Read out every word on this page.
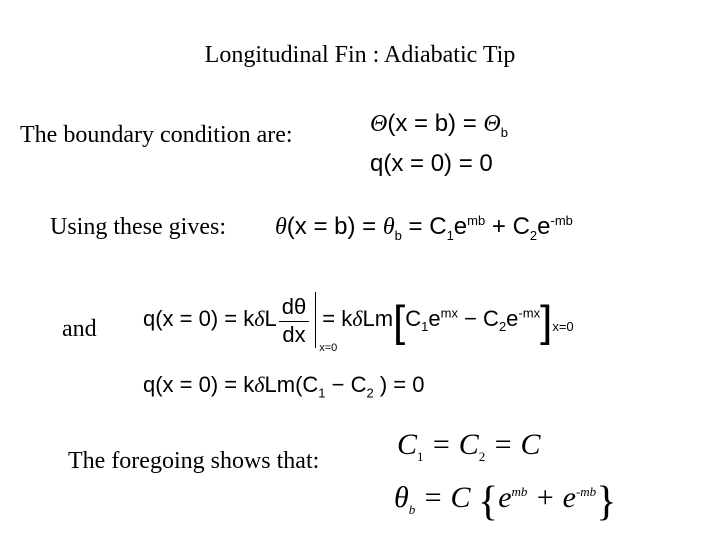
Longitudinal Fin : Adiabatic Tip
The boundary condition are:	$\Theta(x = b) = \Theta_b$
q(x = 0) = 0
Using these gives: $\theta(x = b) = \theta_b = C_1e^{mb} + C_2e^{-mb}$
and q(x = 0) = kδL $\frac{d\theta}{dx}$
x=0
= $k\delta Lm[C_1e^{mx} - C_2e^{-mx}]_{x=0}$
$q(x = 0) = k\delta Lm(C_1 - C_2$ ) = 0
The foregoing shows that:	$C_1 = C_2 = C$
$\theta_b = C$ $\{e^{mb} + e^{-mb}\}$
